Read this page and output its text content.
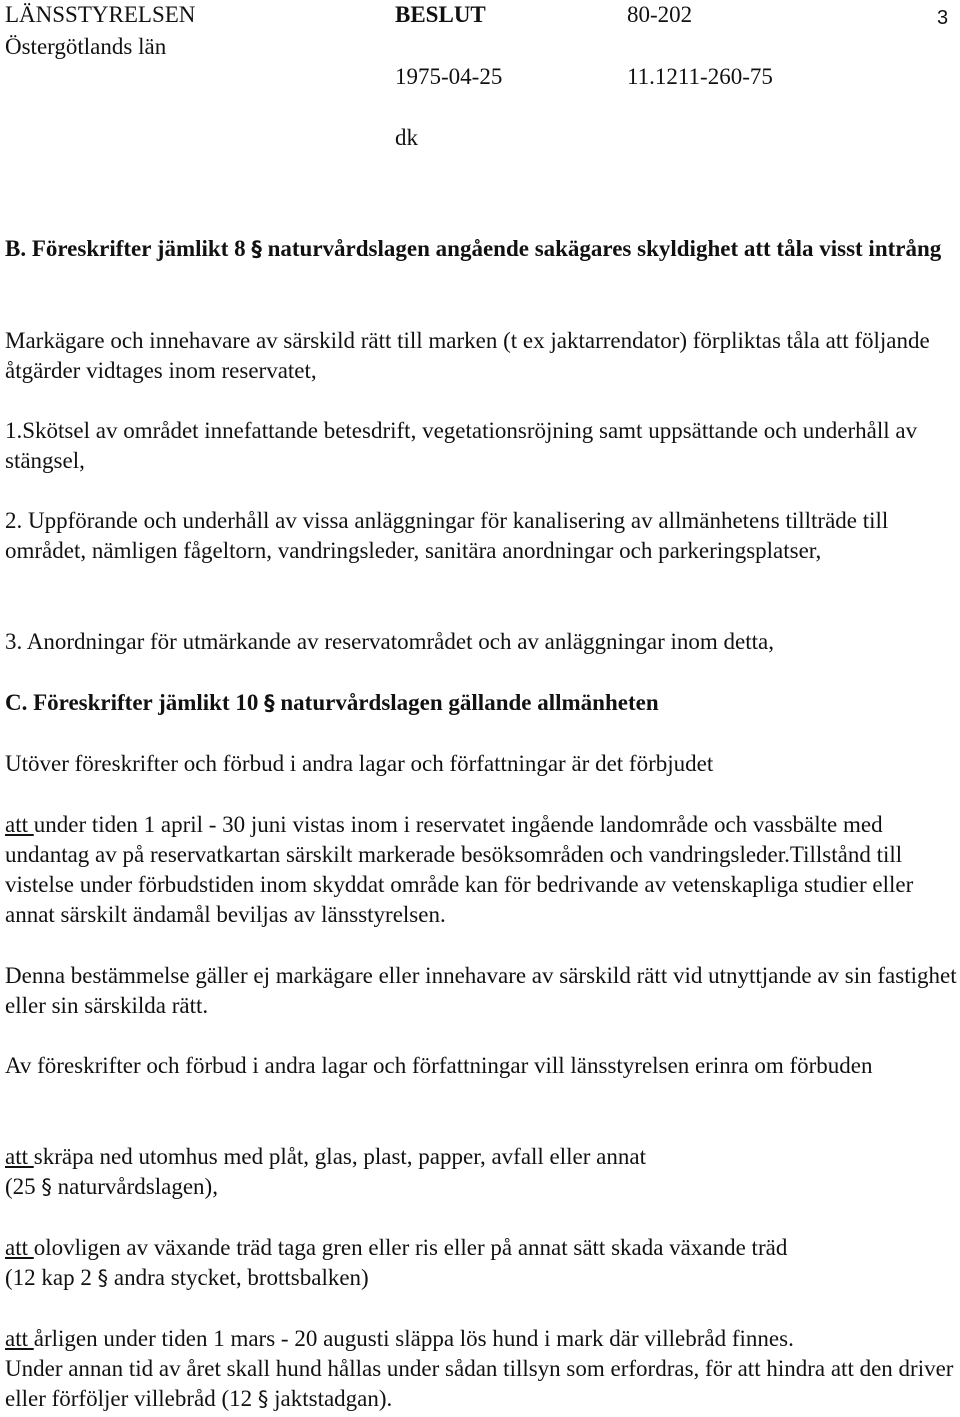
LÄNSSTYRELSEN
Östergötlands län
BESLUT	80-202	3
1975-04-25	11.1211-260-75
dk

B. Föreskrifter jämlikt 8 § naturvårdslagen angående sakägares skyldighet att tåla visst intrång

Markägare och innehavare av särskild rätt till marken (t ex jaktarrendator) förpliktas tåla att följande åtgärder vidtages inom reservatet,

1.Skötsel av området innefattande betesdrift, vegetationsröjning samt uppsättande och underhåll av stängsel,

2. Uppförande och underhåll av vissa anläggningar för kanalisering av allmänhetens tillträde till området, nämligen fågeltorn, vandringsleder, sanitära anordningar och parkeringsplatser,

3. Anordningar för utmärkande av reservatområdet och av anläggningar inom detta,

C. Föreskrifter jämlikt 10 § naturvårdslagen gällande allmänheten

Utöver föreskrifter och förbud i andra lagar och författningar är det förbjudet

att under tiden 1 april - 30 juni vistas inom i reservatet ingående landområde och vassbälte med undantag av på reservatkartan särskilt markerade besöksområden och vandringsleder.Tillstånd till vistelse under förbudstiden inom skyddat område kan för bedrivande av vetenskapliga studier eller annat särskilt ändamål beviljas av länsstyrelsen.

Denna bestämmelse gäller ej markägare eller innehavare av särskild rätt vid utnyttjande av sin fastighet eller sin särskilda rätt.

Av föreskrifter och förbud i andra lagar och författningar vill länsstyrelsen erinra om förbuden

att skräpa ned utomhus med plåt, glas, plast, papper, avfall eller annat
(25 § naturvårdslagen),

att olovligen av växande träd taga gren eller ris eller på annat sätt skada växande träd
(12 kap 2 § andra stycket, brottsbalken)

att årligen under tiden 1 mars - 20 augusti släppa lös hund i mark där villebråd finnes.
Under annan tid av året skall hund hållas under sådan tillsyn som erfordras, för att hindra att den driver eller förföljer villebråd (12 § jaktstadgan).
